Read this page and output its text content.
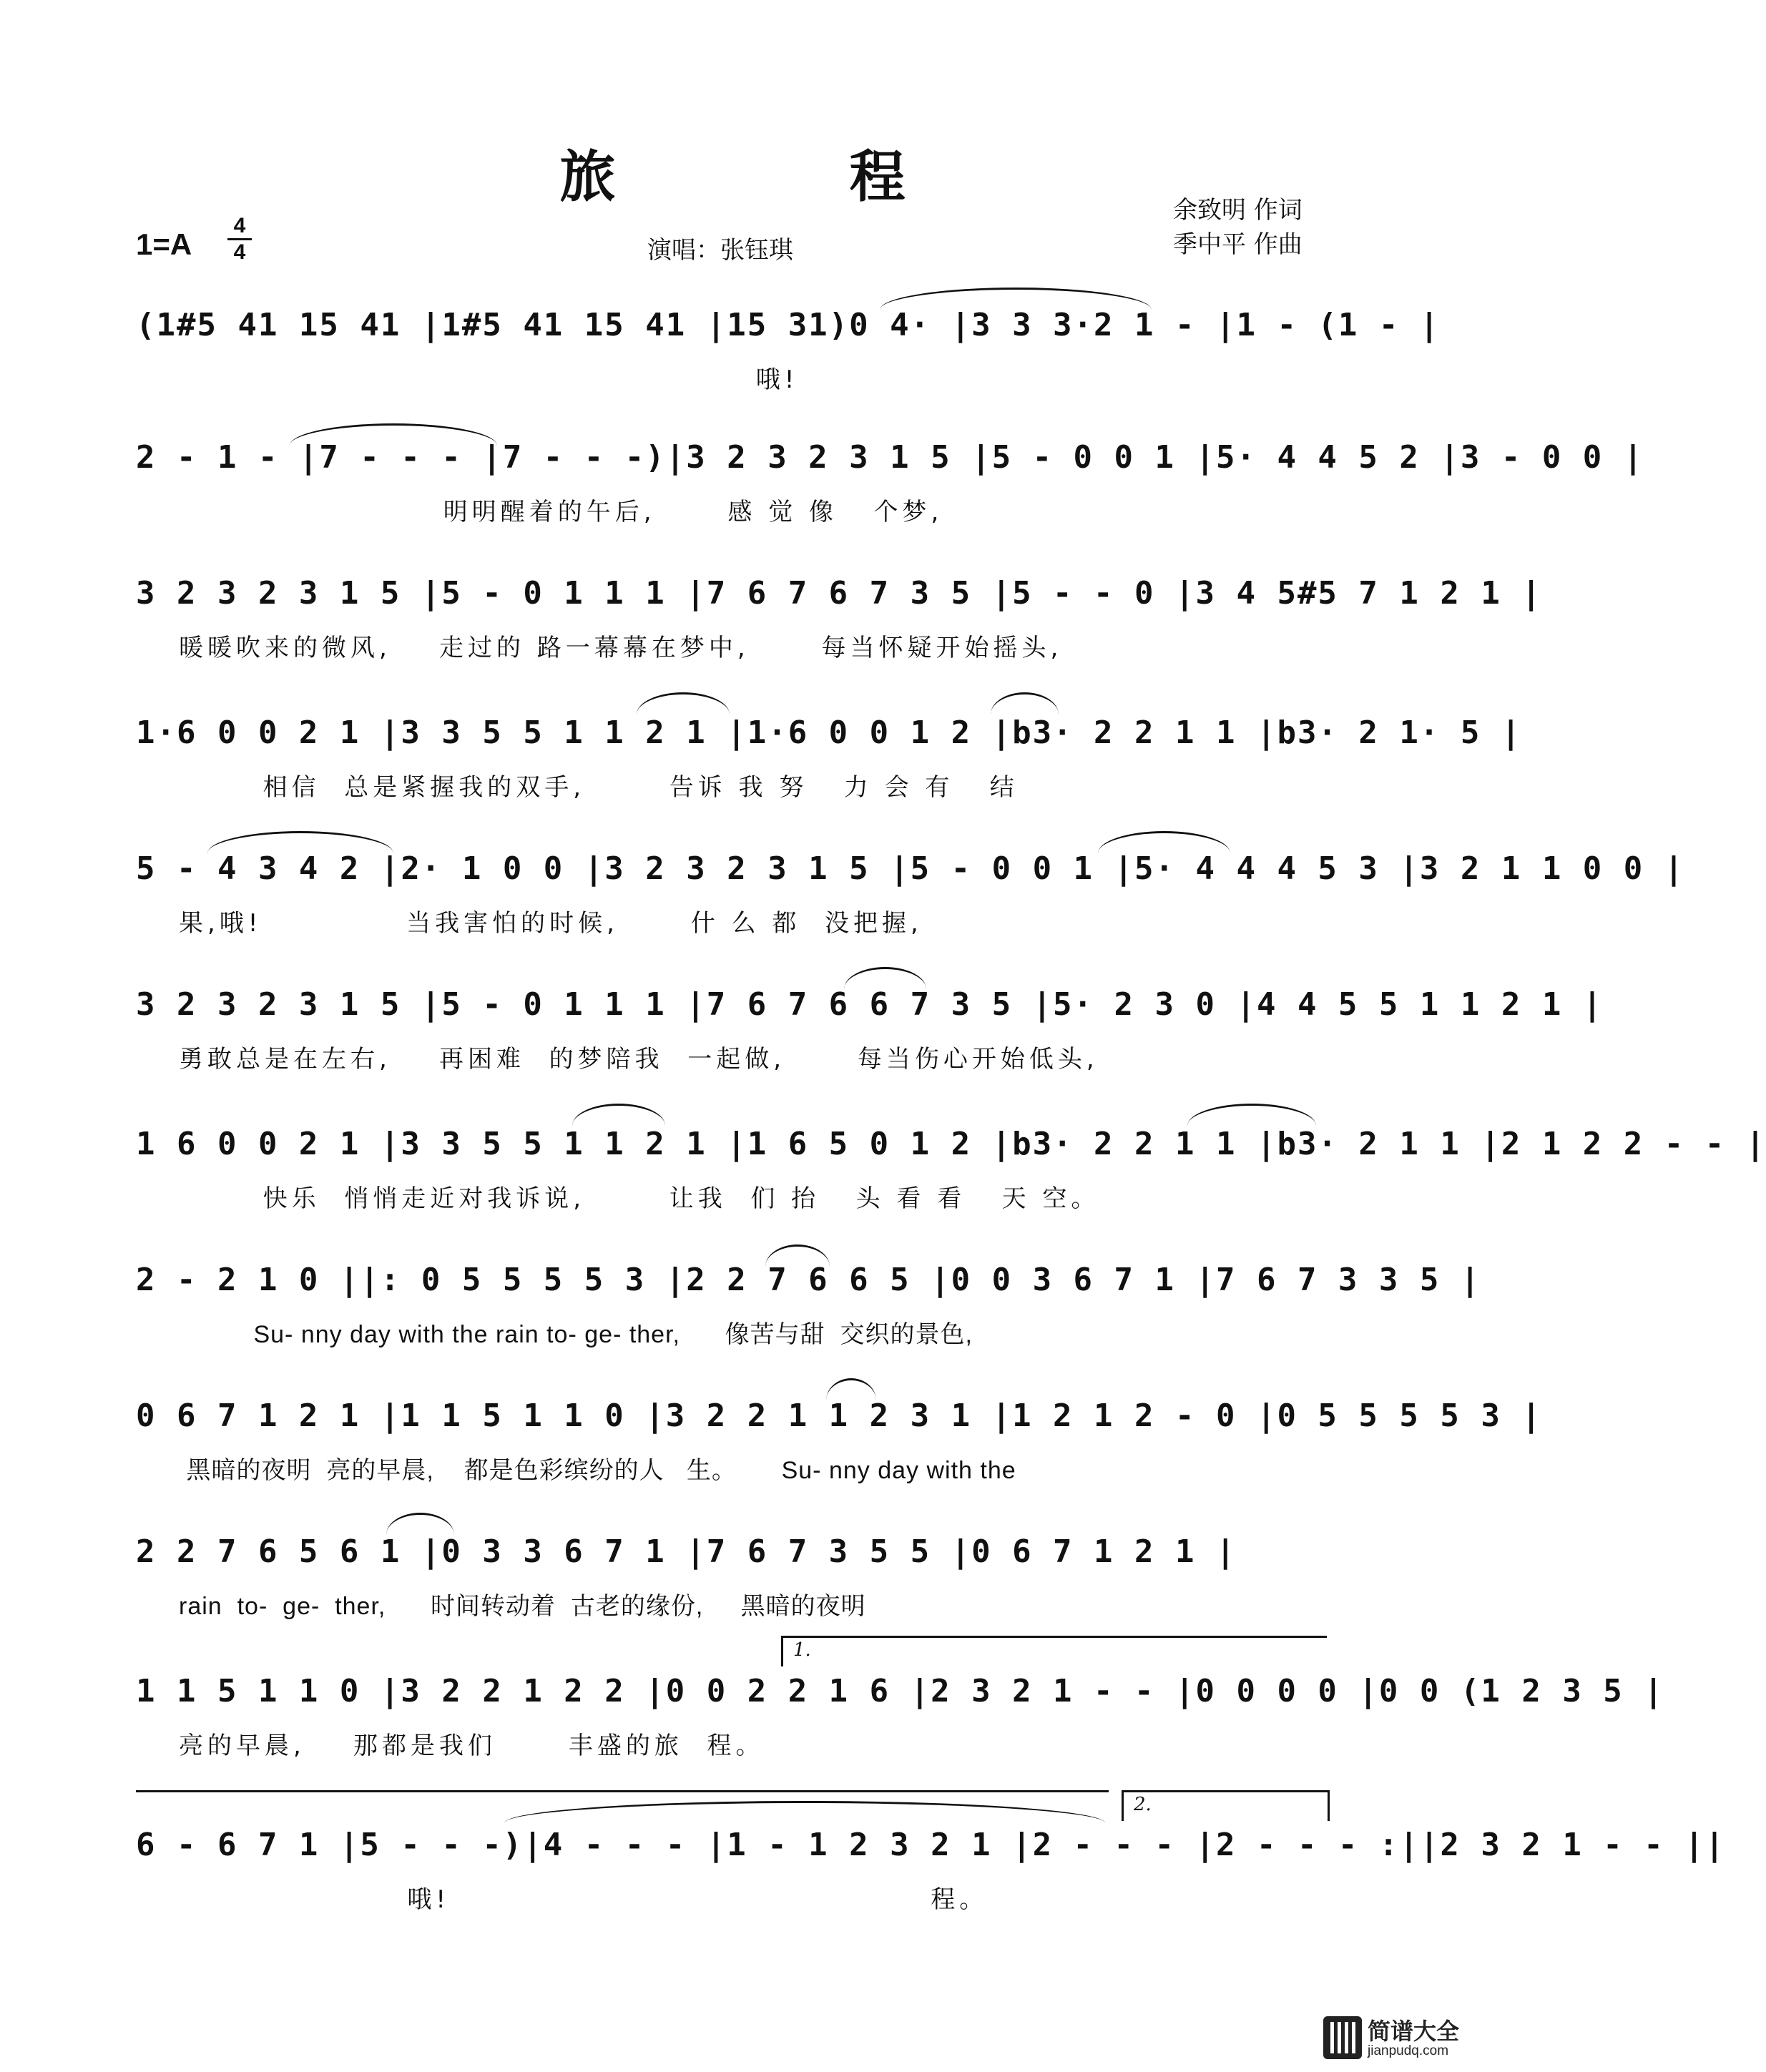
旅 程
1=A
4
4	演唱：张钰琪
余致明 作词
季中平 作曲
(1#5 41 15 41 |1#5 41 15 41 |15 31)0 4· |3 3 3·2 1 - |1 - (1 - |
哦!
2 - 1 - |7 - - - |7 - - -)|3 2 3 2 3 1 5 |5 - 0 0 1 |5· 4 4 5 2 |3 - 0 0 |
明明醒着的午后,      感 觉 像   个梦,
3 2 3 2 3 1 5 |5 - 0 1 1 1 |7 6 7 6 7 3 5 |5 - - 0 |3 4 5#5 7 1 2 1 |
暖暖吹来的微风,    走过的 路一幕幕在梦中,      每当怀疑开始摇头,
1·6 0 0 2 1 |3 3 5 5 1 1 2 1 |1·6 0 0 1 2 |b3· 2 2 1 1 |b3· 2 1· 5 |
相信  总是紧握我的双手,       告诉 我 努   力 会 有   结
5 - 4 3 4 2 |2· 1 0 0 |3 2 3 2 3 1 5 |5 - 0 0 1 |5· 4 4 4 5 3 |3 2 1 1 0 0 |
果,哦!            当我害怕的时候,      什 么 都  没把握,
3 2 3 2 3 1 5 |5 - 0 1 1 1 |7 6 7 6 6 7 3 5 |5· 2 3 0 |4 4 5 5 1 1 2 1 |
勇敢总是在左右,    再困难  的梦陪我  一起做,      每当伤心开始低头,
1 6 0 0 2 1 |3 3 5 5 1 1 2 1 |1 6 5 0 1 2 |b3· 2 2 1 1 |b3· 2 1 1 |2 1 2 2 - - |
快乐  悄悄走近对我诉说,       让我  们 抬   头 看 看   天 空。
2 - 2 1 0 ||: 0 5 5 5 5 3 |2 2 7 6 6 5 |0 0 3 6 7 1 |7 6 7 3 3 5 |
Su- nny day with the rain to- ge- ther,      像苦与甜  交织的景色,
0 6 7 1 2 1 |1 1 5 1 1 0 |3 2 2 1 1 2 3 1 |1 2 1 2 - 0 |0 5 5 5 5 3 |
黑暗的夜明  亮的早晨,    都是色彩缤纷的人   生。      Su- nny day with the
2 2 7 6 5 6 1 |0 3 3 6 7 1 |7 6 7 3 5 5 |0 6 7 1 2 1 |
rain  to-  ge-  ther,      时间转动着  古老的缘份,     黑暗的夜明
1.
1 1 5 1 1 0 |3 2 2 1 2 2 |0 0 2 2 1 6 |2 3 2 1 - - |0 0 0 0 |0 0 (1 2 3 5 |
亮的早晨,    那都是我们      丰盛的旅  程。
2.
6 - 6 7 1 |5 - - -)|4 - - - |1 - 1 2 3 2 1 |2 - - - |2 - - - :||2 3 2 1 - - ||
哦!                                        程。
简谱大全
jianpudq.com
